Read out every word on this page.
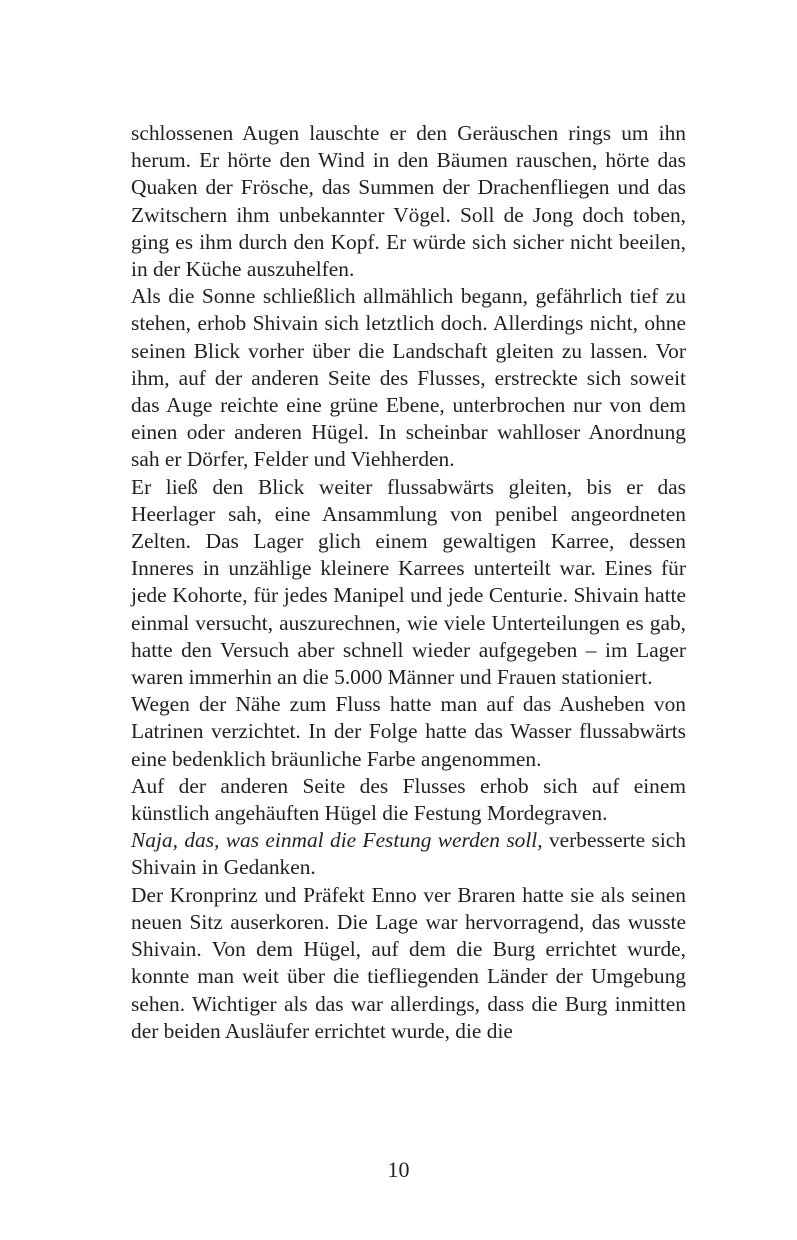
schlossenen Augen lauschte er den Geräuschen rings um ihn herum. Er hörte den Wind in den Bäumen rauschen, hörte das Quaken der Frösche, das Summen der Drachenfliegen und das Zwitschern ihm unbekannter Vögel. Soll de Jong doch toben, ging es ihm durch den Kopf. Er würde sich sicher nicht beeilen, in der Küche auszuhelfen.

Als die Sonne schließlich allmählich begann, gefährlich tief zu stehen, erhob Shivain sich letztlich doch. Allerdings nicht, ohne seinen Blick vorher über die Landschaft gleiten zu lassen. Vor ihm, auf der anderen Seite des Flusses, erstreckte sich soweit das Auge reichte eine grüne Ebene, unterbrochen nur von dem einen oder anderen Hügel. In scheinbar wahlloser Anordnung sah er Dörfer, Felder und Viehherden.

Er ließ den Blick weiter flussabwärts gleiten, bis er das Heerlager sah, eine Ansammlung von penibel angeordneten Zelten. Das Lager glich einem gewaltigen Karree, dessen Inneres in unzählige kleinere Karrees unterteilt war. Eines für jede Kohorte, für jedes Manipel und jede Centurie. Shivain hatte einmal versucht, auszurechnen, wie viele Unterteilungen es gab, hatte den Versuch aber schnell wieder aufgegeben – im Lager waren immerhin an die 5.000 Männer und Frauen stationiert.

Wegen der Nähe zum Fluss hatte man auf das Ausheben von Latrinen verzichtet. In der Folge hatte das Wasser flussabwärts eine bedenklich bräunliche Farbe angenommen.

Auf der anderen Seite des Flusses erhob sich auf einem künstlich angehäuften Hügel die Festung Mordegraven.

Naja, das, was einmal die Festung werden soll, verbesserte sich Shivain in Gedanken.

Der Kronprinz und Präfekt Enno ver Braren hatte sie als seinen neuen Sitz auserkoren. Die Lage war hervorragend, das wusste Shivain. Von dem Hügel, auf dem die Burg errichtet wurde, konnte man weit über die tiefliegenden Länder der Umgebung sehen. Wichtiger als das war allerdings, dass die Burg inmitten der beiden Ausläufer errichtet wurde, die die

10
